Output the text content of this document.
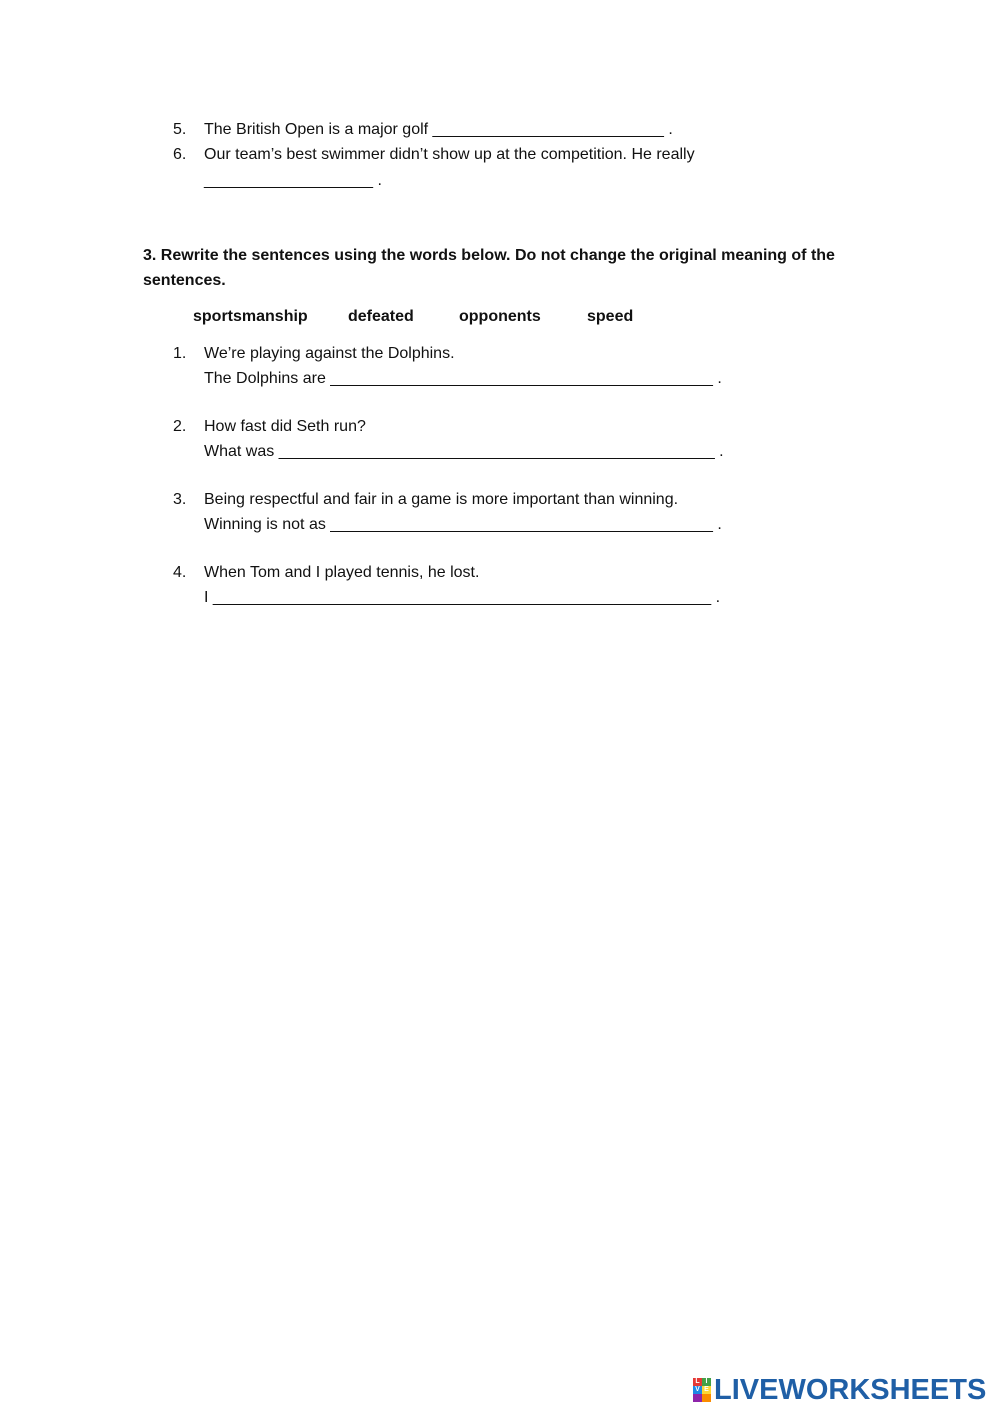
5. The British Open is a major golf __________________________ .
6. Our team’s best swimmer didn’t show up at the competition. He really
___________________ .
3. Rewrite the sentences using the words below. Do not change the original meaning of the sentences.
sportsmanship	defeated	opponents	speed
1. We’re playing against the Dolphins.
The Dolphins are ___________________________________________ .
2. How fast did Seth run?
What was _________________________________________________ .
3. Being respectful and fair in a game is more important than winning.
Winning is not as ___________________________________________ .
4. When Tom and I played tennis, he lost.
I ________________________________________________________ .
L I
V E LIVEWORKSHEETS
